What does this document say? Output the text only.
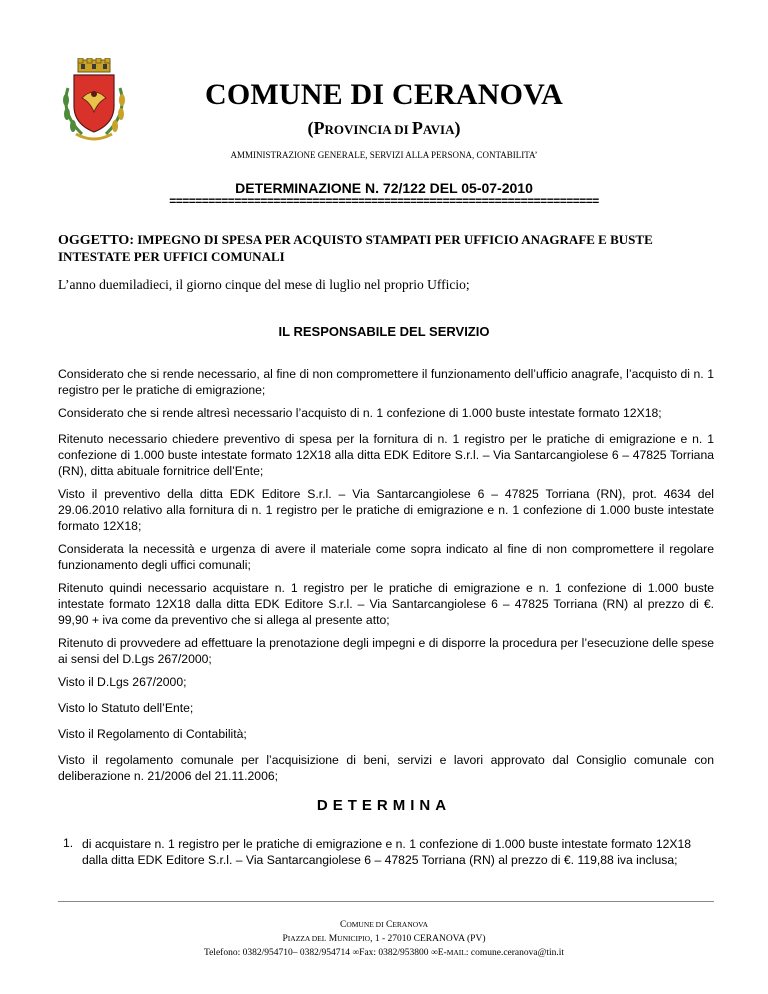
COMUNE DI CERANOVA
(PROVINCIA DI PAVIA)
AMMINISTRAZIONE GENERALE, SERVIZI ALLA PERSONA, CONTABILITA’
DETERMINAZIONE N. 72/122 DEL 05-07-2010
==================================================================
OGGETTO: IMPEGNO DI SPESA PER ACQUISTO STAMPATI PER UFFICIO ANAGRAFE E BUSTE INTESTATE PER UFFICI COMUNALI
L’anno duemiladieci, il giorno cinque del mese di luglio nel proprio Ufficio;
IL RESPONSABILE DEL SERVIZIO
Considerato che si rende necessario, al fine di non compromettere il funzionamento dell’ufficio anagrafe, l’acquisto di n. 1 registro per le pratiche di emigrazione;
Considerato che si rende altresì necessario l’acquisto di n. 1 confezione di 1.000 buste intestate formato 12X18;
Ritenuto necessario chiedere preventivo di spesa per la fornitura di n. 1 registro per le pratiche di emigrazione e n. 1 confezione di 1.000 buste intestate formato 12X18 alla ditta EDK Editore S.r.l. – Via Santarcangiolese 6 – 47825 Torriana (RN), ditta abituale fornitrice dell’Ente;
Visto il preventivo della ditta EDK Editore S.r.l. – Via Santarcangiolese 6 – 47825 Torriana (RN), prot. 4634 del 29.06.2010 relativo alla fornitura di n. 1 registro per le pratiche di emigrazione e n. 1 confezione di 1.000 buste intestate formato 12X18;
Considerata la necessità e urgenza di avere il materiale come sopra indicato al fine di non compromettere il regolare funzionamento degli uffici comunali;
Ritenuto quindi necessario acquistare n. 1 registro per le pratiche di emigrazione e n. 1 confezione di 1.000 buste intestate formato 12X18 dalla ditta EDK Editore S.r.l. – Via Santarcangiolese 6 – 47825 Torriana (RN) al prezzo di €. 99,90 + iva come da preventivo che si allega al presente atto;
Ritenuto di provvedere ad effettuare la prenotazione degli impegni e di disporre la procedura per l’esecuzione delle spese ai sensi del D.Lgs 267/2000;
Visto il D.Lgs 267/2000;
Visto lo Statuto dell’Ente;
Visto il Regolamento di Contabilità;
Visto il regolamento comunale per l’acquisizione di beni, servizi e lavori approvato dal Consiglio comunale con deliberazione n. 21/2006 del 21.11.2006;
DETERMINA
1. di acquistare n. 1 registro per le pratiche di emigrazione e n. 1 confezione di 1.000 buste intestate formato 12X18 dalla ditta EDK Editore S.r.l. – Via Santarcangiolese 6 – 47825 Torriana (RN) al prezzo di €. 119,88 iva inclusa;
COMUNE DI CERANOVA
PIAZZA DEL MUNICIPIO, 1 - 27010 CERANOVA (PV)
Telefono: 0382/954710– 0382/954714 ∞Fax: 0382/953800 ∞E-MAIL: comune.ceranova@tin.it
